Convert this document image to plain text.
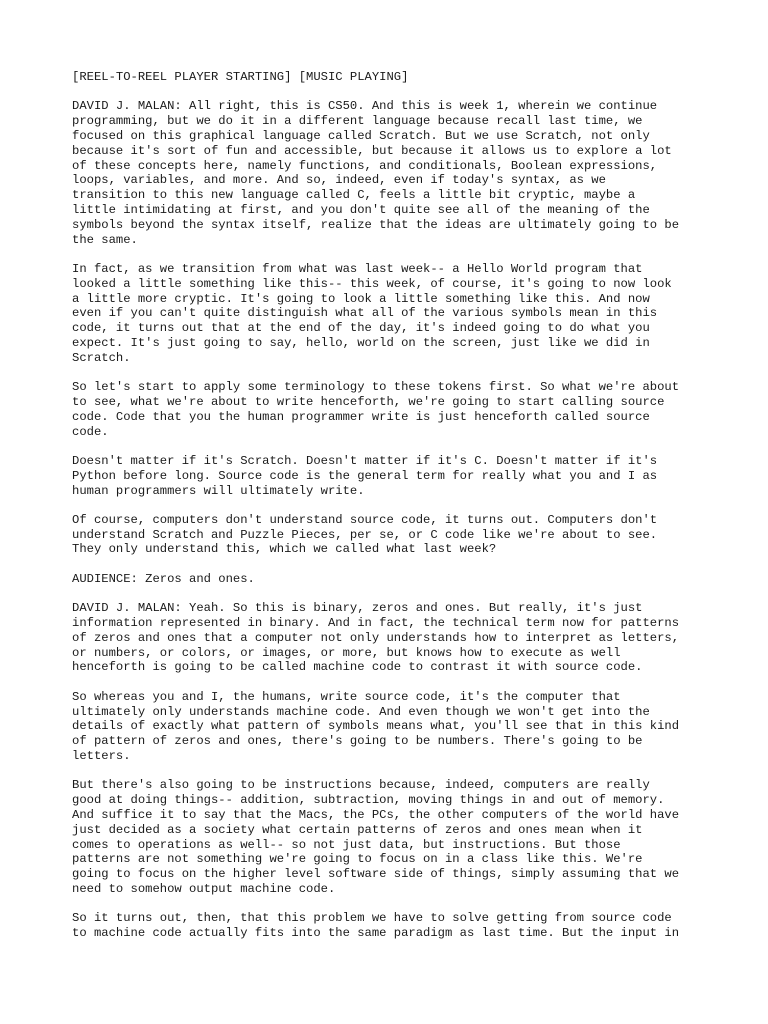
[REEL-TO-REEL PLAYER STARTING] [MUSIC PLAYING]

DAVID J. MALAN: All right, this is CS50. And this is week 1, wherein we continue
programming, but we do it in a different language because recall last time, we
focused on this graphical language called Scratch. But we use Scratch, not only
because it's sort of fun and accessible, but because it allows us to explore a lot
of these concepts here, namely functions, and conditionals, Boolean expressions,
loops, variables, and more. And so, indeed, even if today's syntax, as we
transition to this new language called C, feels a little bit cryptic, maybe a
little intimidating at first, and you don't quite see all of the meaning of the
symbols beyond the syntax itself, realize that the ideas are ultimately going to be
the same.

In fact, as we transition from what was last week-- a Hello World program that
looked a little something like this-- this week, of course, it's going to now look
a little more cryptic. It's going to look a little something like this. And now
even if you can't quite distinguish what all of the various symbols mean in this
code, it turns out that at the end of the day, it's indeed going to do what you
expect. It's just going to say, hello, world on the screen, just like we did in
Scratch.

So let's start to apply some terminology to these tokens first. So what we're about
to see, what we're about to write henceforth, we're going to start calling source
code. Code that you the human programmer write is just henceforth called source
code.

Doesn't matter if it's Scratch. Doesn't matter if it's C. Doesn't matter if it's
Python before long. Source code is the general term for really what you and I as
human programmers will ultimately write.

Of course, computers don't understand source code, it turns out. Computers don't
understand Scratch and Puzzle Pieces, per se, or C code like we're about to see.
They only understand this, which we called what last week?

AUDIENCE: Zeros and ones.

DAVID J. MALAN: Yeah. So this is binary, zeros and ones. But really, it's just
information represented in binary. And in fact, the technical term now for patterns
of zeros and ones that a computer not only understands how to interpret as letters,
or numbers, or colors, or images, or more, but knows how to execute as well
henceforth is going to be called machine code to contrast it with source code.

So whereas you and I, the humans, write source code, it's the computer that
ultimately only understands machine code. And even though we won't get into the
details of exactly what pattern of symbols means what, you'll see that in this kind
of pattern of zeros and ones, there's going to be numbers. There's going to be
letters.

But there's also going to be instructions because, indeed, computers are really
good at doing things-- addition, subtraction, moving things in and out of memory.
And suffice it to say that the Macs, the PCs, the other computers of the world have
just decided as a society what certain patterns of zeros and ones mean when it
comes to operations as well-- so not just data, but instructions. But those
patterns are not something we're going to focus on in a class like this. We're
going to focus on the higher level software side of things, simply assuming that we
need to somehow output machine code.

So it turns out, then, that this problem we have to solve getting from source code
to machine code actually fits into the same paradigm as last time. But the input in
